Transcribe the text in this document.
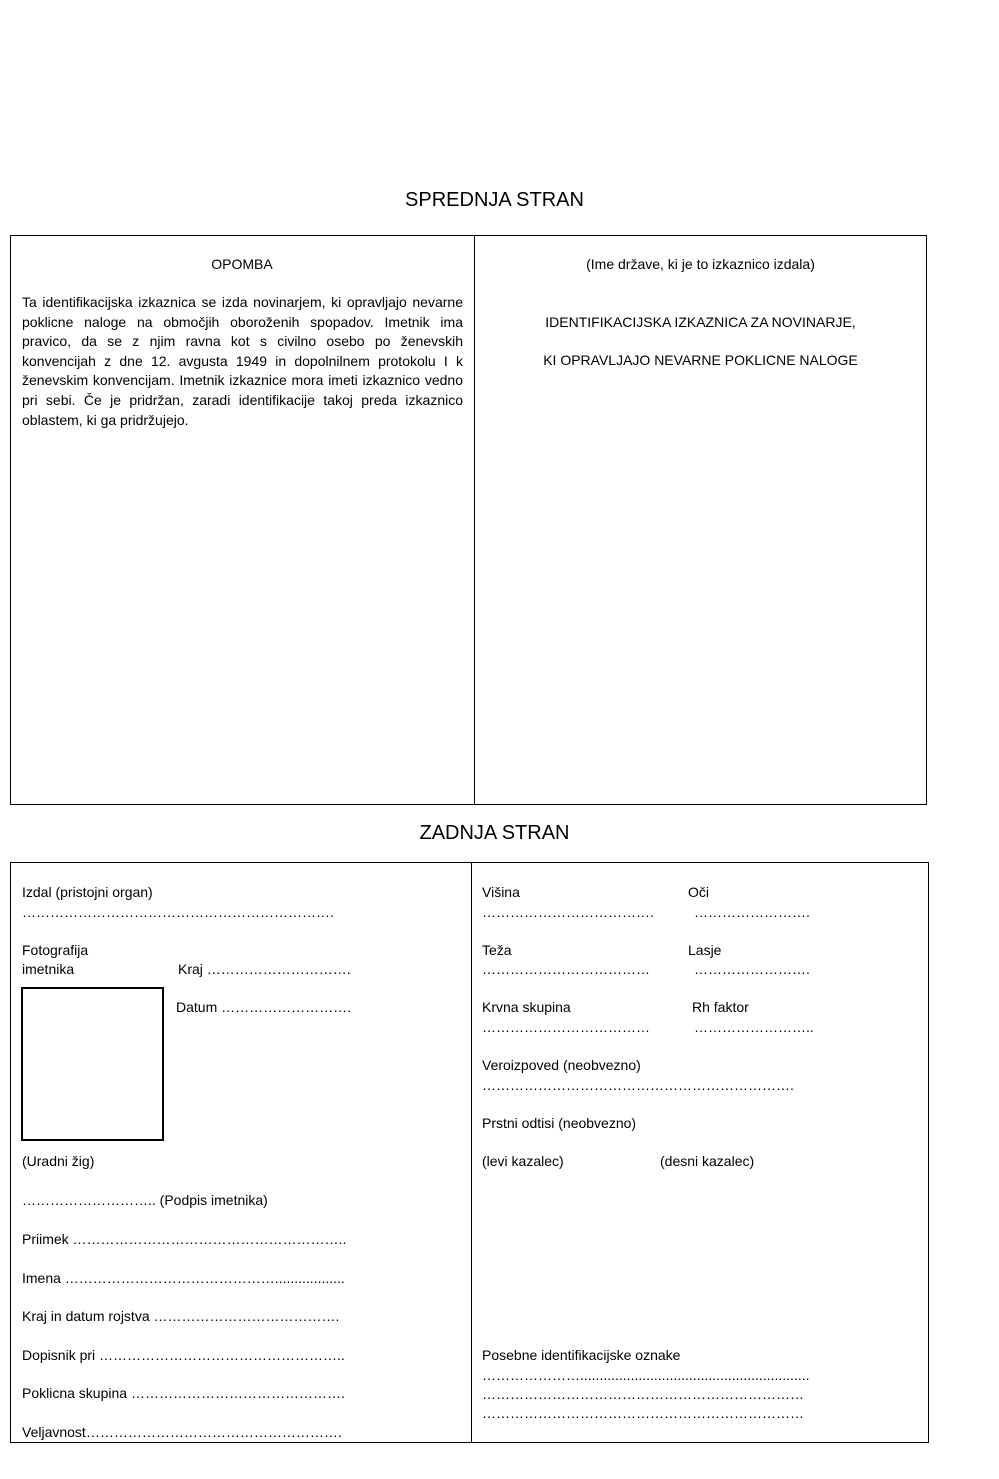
SPREDNJA STRAN
OPOMBA
Ta identifikacijska izkaznica se izda novinarjem, ki opravljajo nevarne poklicne naloge na območjih oboroženih spopadov. Imetnik ima pravico, da se z njim ravna kot s civilno osebo po ženevskih konvencijah z dne 12. avgusta 1949 in dopolnilnem protokolu I k ženevskim konvencijam. Imetnik izkaznice mora imeti izkaznico vedno pri sebi. Če je pridržan, zaradi identifikacije takoj preda izkaznico oblastem, ki ga pridržujejo.
(Ime države, ki je to izkaznico izdala)
IDENTIFIKACIJSKA IZKAZNICA ZA NOVINARJE,
KI OPRAVLJAJO NEVARNE POKLICNE NALOGE
ZADNJA STRAN
Izdal (pristojni organ)
………………………………………………………….
Fotografija
imetnika	Kraj ………………………….
Datum ……………………….
(Uradni žig)
……………………….. (Podpis imetnika)
Priimek …………………………………………………..
Imena ………………………………………..................
Kraj in datum rojstva ………………………………….
Dopisnik pri ……………………………………………..
Poklicna skupina ……………………………………….
Veljavnost……………………………………………….
Višina
……………………………….
Oči
…………………….
Teža
………………………………
Lasje
…………………….
Krvna skupina
………………………………
Rh faktor
……………………..
Veroizpoved (neobvezno)
………………………………………………………….
Prstni odtisi (neobvezno)
(levi kazalec)	(desni kazalec)
Posebne identifikacijske oznake
…………………...........................................................
……………………………………………………………
……………………………………………………………
